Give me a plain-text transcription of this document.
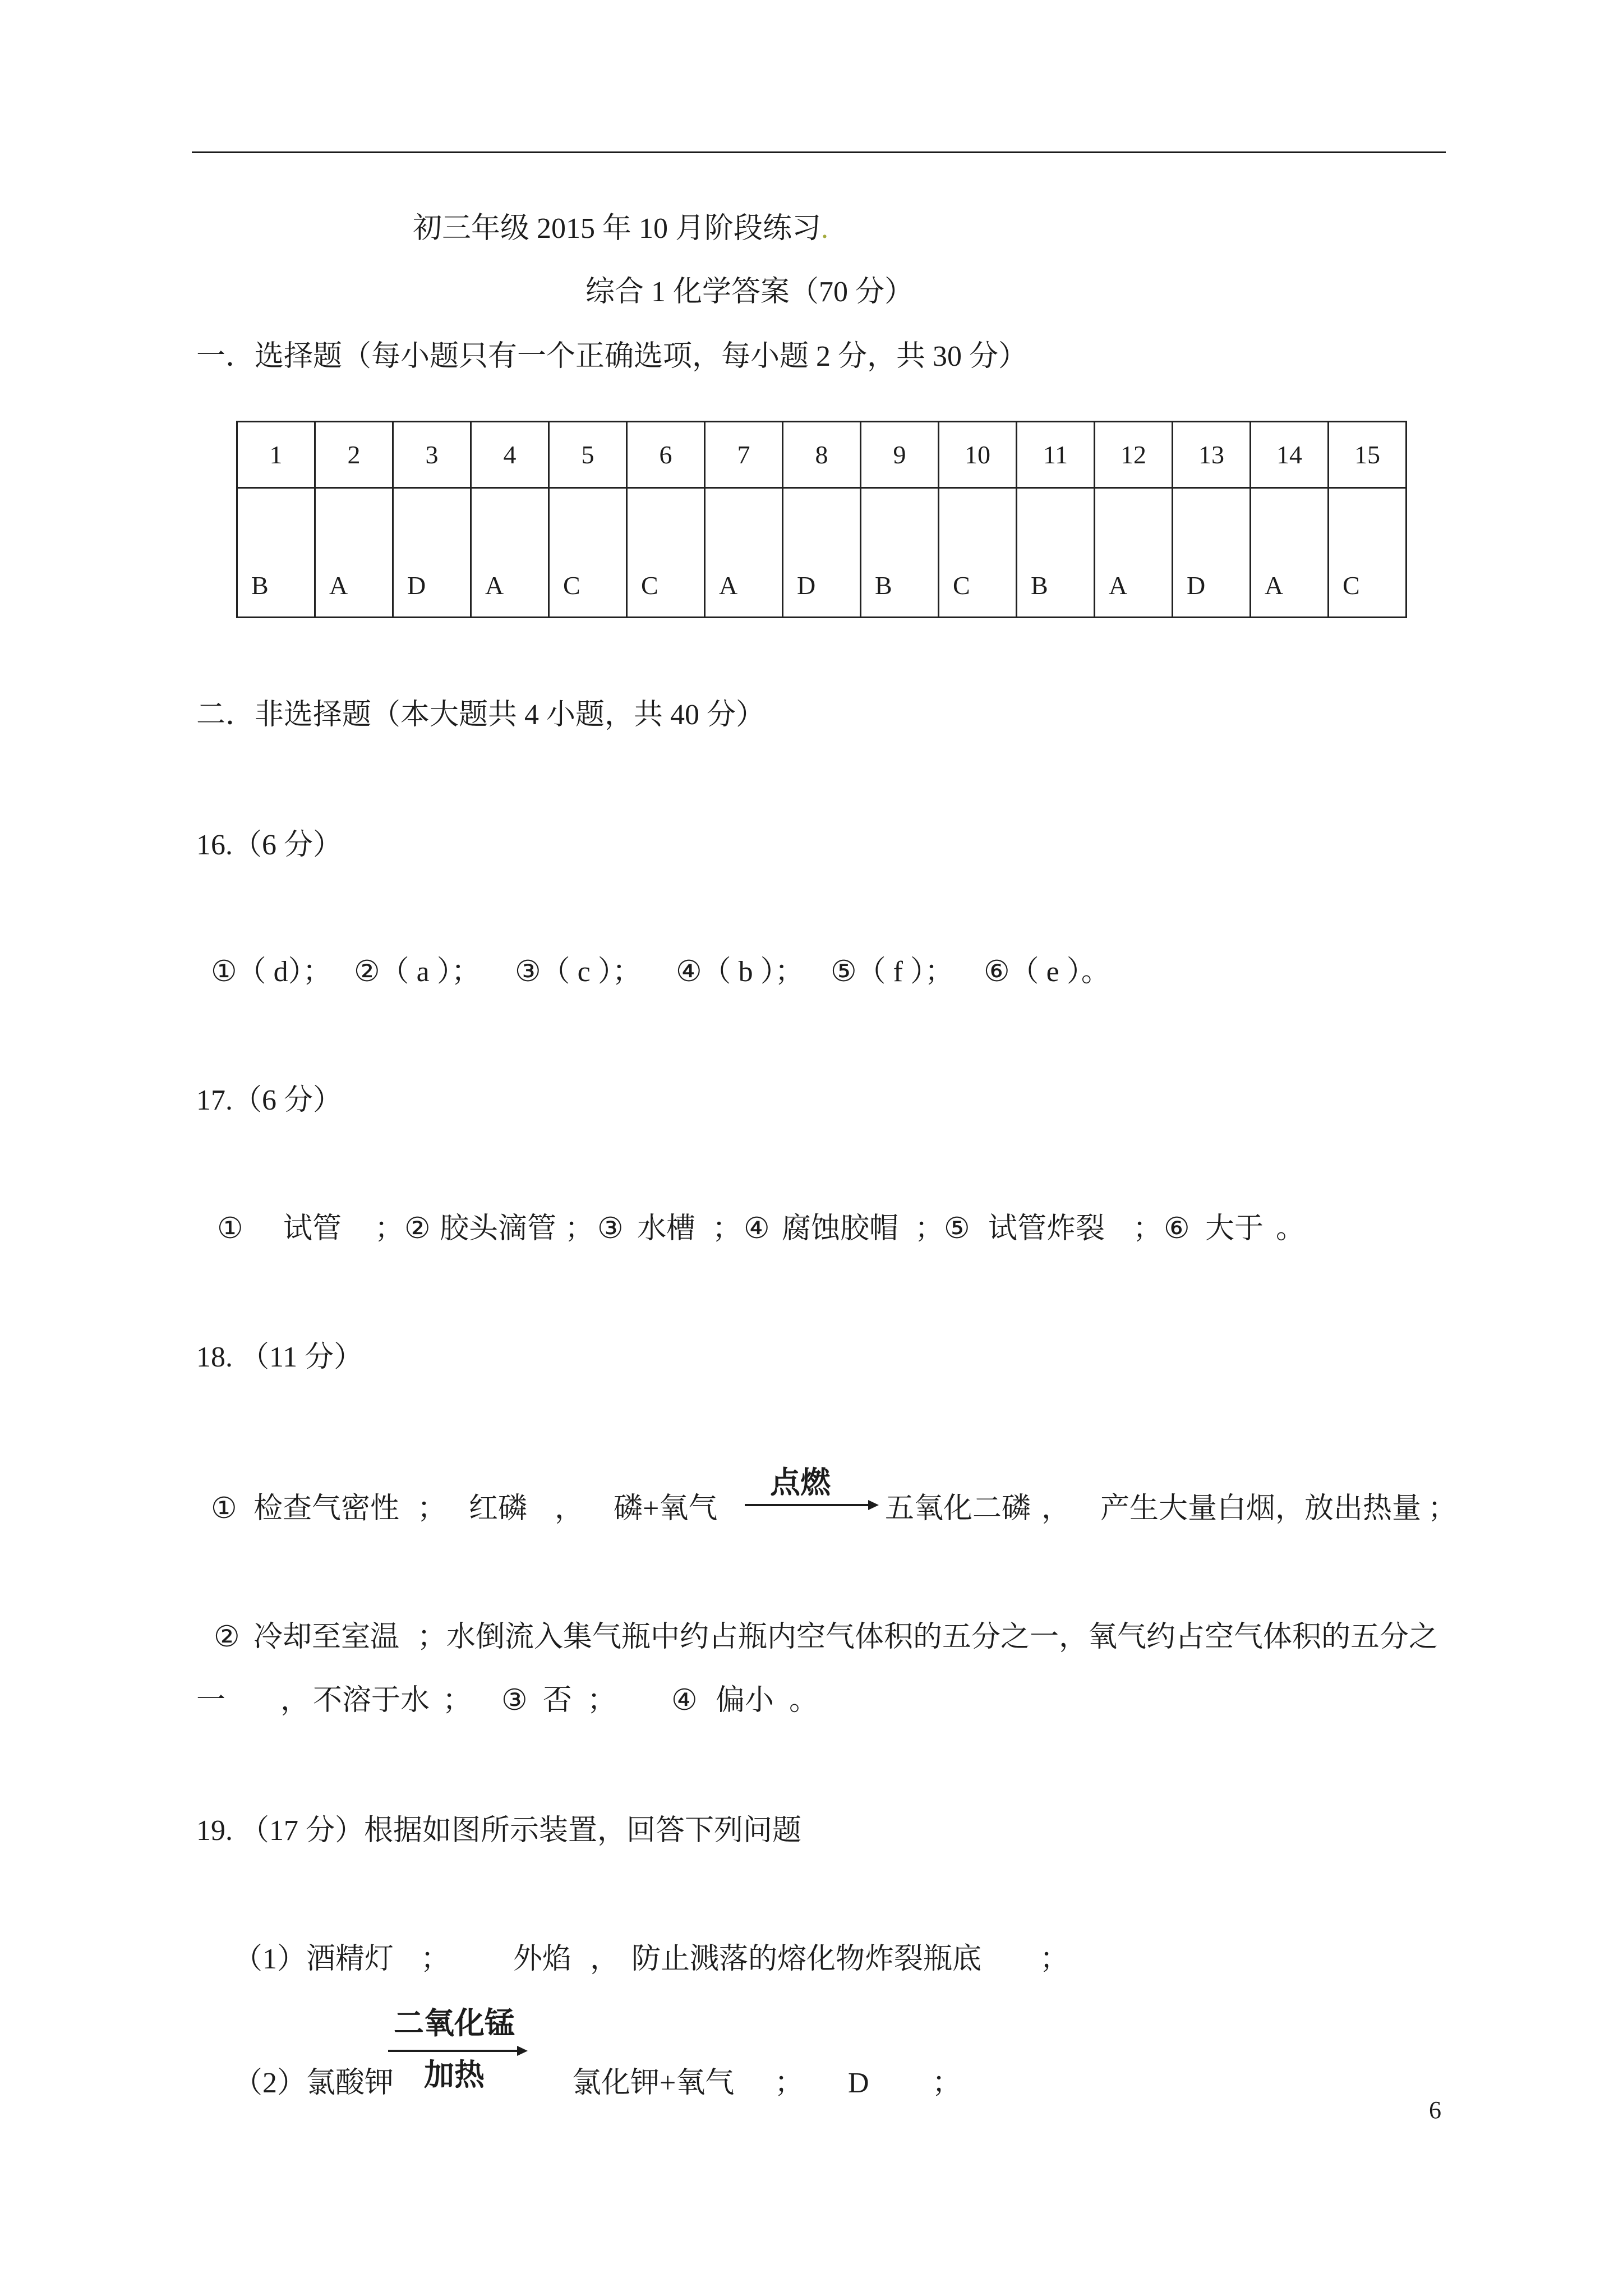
初三年级 2015 年 10 月阶段练习.
综合 1 化学答案（70 分）
一．选择题（每小题只有一个正确选项，每小题 2 分，共 30 分）
1	2	3	4	5	6	7	8	9	10	11	12	13	14	15
B	A	D	A	C	C	A	D	B	C	B	A	D	A	C
二．非选择题（本大题共 4 小题，共 40 分）
16.（6 分）
①（ d）； ②（ a ）； ③（ c ）； ④（ b ）； ⑤（ f ）； ⑥（ e ）。
17.（6 分）
① 试管 ； ② 胶头滴管 ； ③ 水槽 ； ④ 腐蚀胶帽 ； ⑤ 试管炸裂 ； ⑥ 大于 。
18. （11 分）
点燃
① 检查气密性 ； 红磷 ， 磷+氧气	五氧化二磷 ， 产生大量白烟，放出热量 ；
② 冷却至室温 ；水倒流入集气瓶中约占瓶内空气体积的五分之一，氧气约占空气体积的五分之
一 ， 不溶于水 ； ③ 否 ； ④ 偏小 。
19. （17 分）根据如图所示装置，回答下列问题
（1）酒精灯 ； 外焰 ， 防止溅落的熔化物炸裂瓶底 ；
二氧化锰
加热
（2）氯酸钾	氯化钾+氧气 ； D ；
6
